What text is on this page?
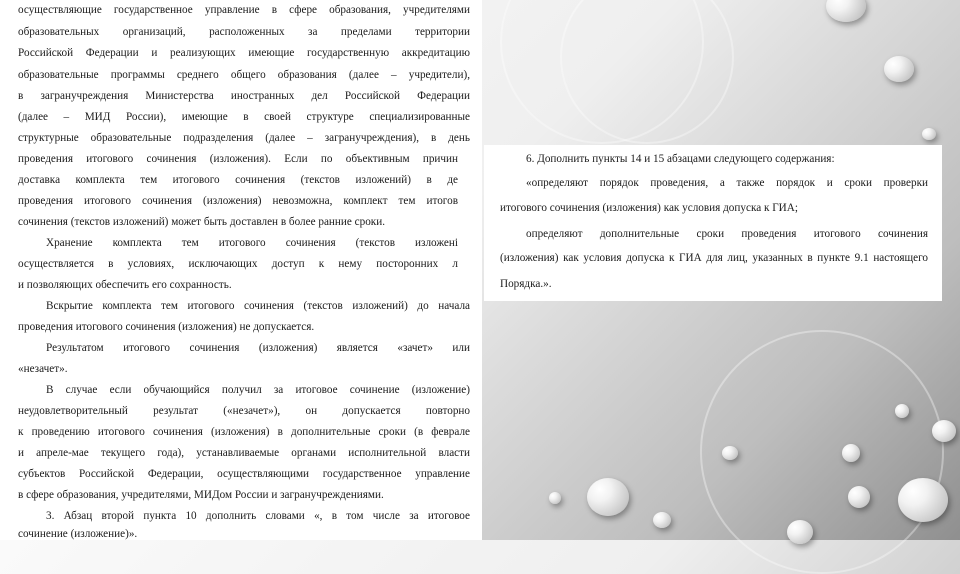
осуществляющие государственное управление в сфере образования, учредителями
образовательных организаций, расположенных за пределами территории
Российской Федерации и реализующих имеющие государственную аккредитацию
образовательные программы среднего общего образования (далее – учредители),
в загранучреждения Министерства иностранных дел Российской Федерации
(далее – МИД России), имеющие в своей структуре специализированные
структурные образовательные подразделения (далее – загранучреждения), в день
проведения итогового сочинения (изложения). Если по объективным причин
доставка комплекта тем итогового сочинения (текстов изложений) в де
проведения итогового сочинения (изложения) невозможна, комплект тем итогов
сочинения (текстов изложений) может быть доставлен в более ранние сроки.
Хранение комплекта тем итогового сочинения (текстов изложені
осуществляется в условиях, исключающих доступ к нему посторонних л
и позволяющих обеспечить его сохранность.
Вскрытие комплекта тем итогового сочинения (текстов изложений) до начала
проведения итогового сочинения (изложения) не допускается.
Результатом итогового сочинения (изложения) является «зачет» или
«незачет».
В случае если обучающийся получил за итоговое сочинение (изложение)
неудовлетворительный результат («незачет»), он допускается повторно
к проведению итогового сочинения (изложения) в дополнительные сроки (в феврале
и апреле-мае текущего года), устанавливаемые органами исполнительной власти
субъектов Российской Федерации, осуществляющими государственное управление
в сфере образования, учредителями, МИДом России и загранучреждениями.
3. Абзац второй пункта 10 дополнить словами «, в том числе за итоговое
сочинение (изложение)».
6. Дополнить пункты 14 и 15 абзацами следующего содержания:
«определяют порядок проведения, а также порядок и сроки проверки
итогового сочинения (изложения) как условия допуска к ГИА;
определяют дополнительные сроки проведения итогового сочинения
(изложения) как условия допуска к ГИА для лиц, указанных в пункте 9.1 настоящего
Порядка.».
